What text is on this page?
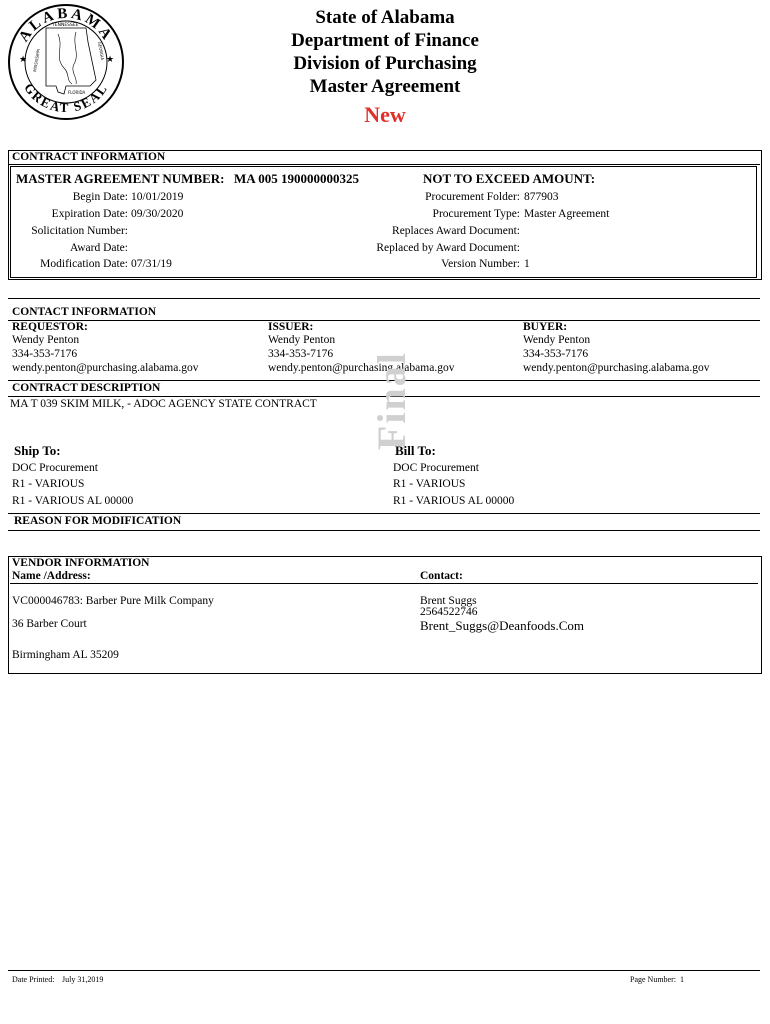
ALABAMA
GREAT SEAL
★	★
TENNESSEE
MISSISSIPPI	GEORGIA
FLORIDA
State of Alabama
Department of Finance
Division of Purchasing
Master Agreement
New
CONTRACT INFORMATION
MASTER AGREEMENT NUMBER: MA 005 190000000325	NOT TO EXCEED AMOUNT:
Begin Date: 10/01/2019
Expiration Date: 09/30/2020
Solicitation Number:
Award Date:
Modification Date: 07/31/19
Procurement Folder: 877903
Procurement Type: Master Agreement
Replaces Award Document:
Replaced by Award Document:
Version Number: 1
CONTACT INFORMATION
REQUESTOR:
Wendy Penton
334-353-7176
wendy.penton@purchasing.alabama.gov
ISSUER:
Wendy Penton
334-353-7176
wendy.penton@purchasing.alabama.gov
BUYER:
Wendy Penton
334-353-7176
wendy.penton@purchasing.alabama.gov
CONTRACT DESCRIPTION
MA T 039 SKIM MILK, - ADOC AGENCY STATE CONTRACT Final
Ship To:
DOC Procurement
R1 - VARIOUS
R1 - VARIOUS AL 00000
Bill To:
DOC Procurement
R1 - VARIOUS
R1 - VARIOUS AL 00000
REASON FOR MODIFICATION
VENDOR INFORMATION
Name /Address:	Contact:
VC000046783: Barber Pure Milk Company
36 Barber Court
Birmingham AL 35209
Brent Suggs
2564522746
Brent_Suggs@Deanfoods.Com
Date Printed: July 31,2019	Page Number: 1
